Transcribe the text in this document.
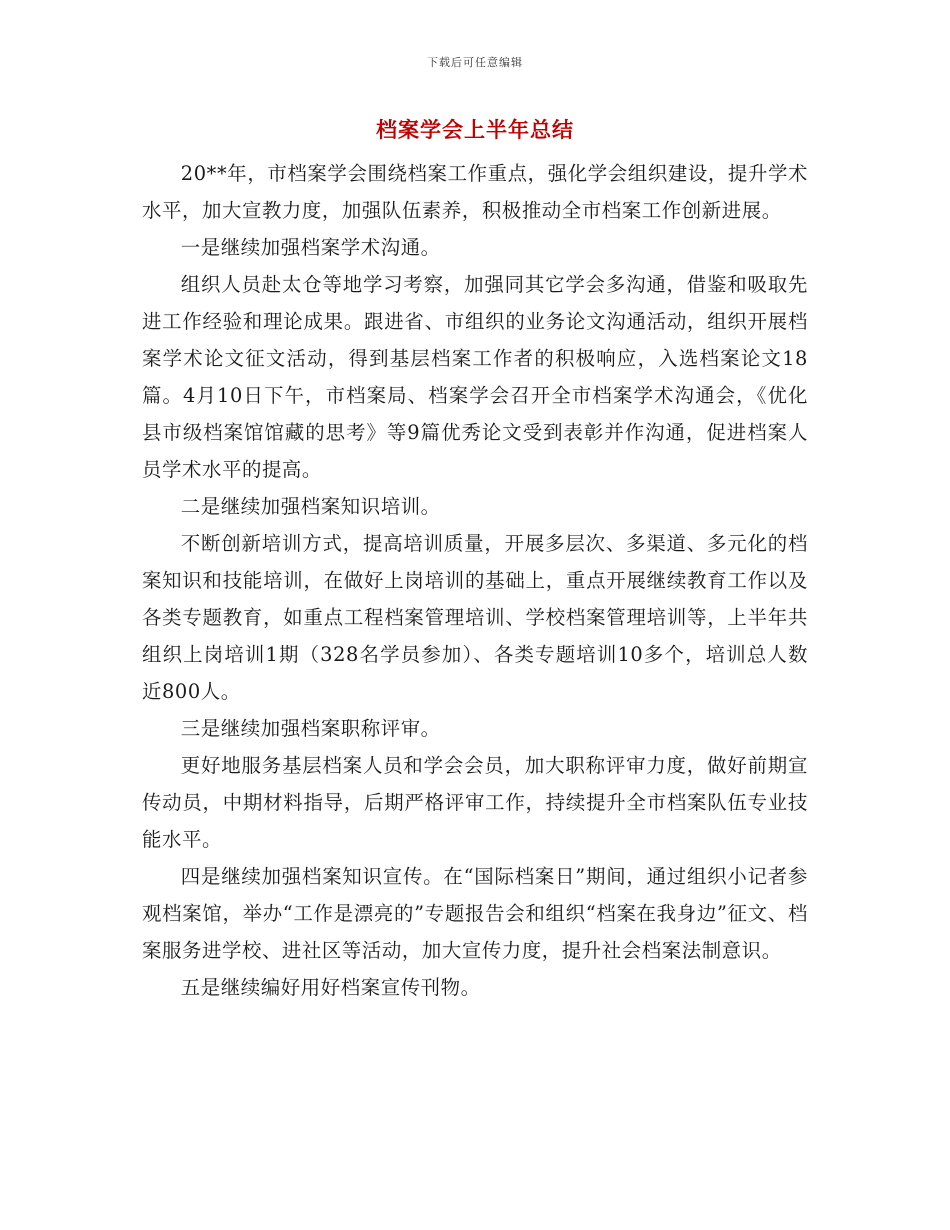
下载后可任意编辑
档案学会上半年总结

20**年，市档案学会围绕档案工作重点，强化学会组织建设，提升学术水平，加大宣教力度，加强队伍素养，积极推动全市档案工作创新进展。

一是继续加强档案学术沟通。

组织人员赴太仓等地学习考察，加强同其它学会多沟通，借鉴和吸取先进工作经验和理论成果。跟进省、市组织的业务论文沟通活动，组织开展档案学术论文征文活动，得到基层档案工作者的积极响应，入选档案论文18篇。4月10日下午，市档案局、档案学会召开全市档案学术沟通会，《优化县市级档案馆馆藏的思考》等9篇优秀论文受到表彰并作沟通，促进档案人员学术水平的提高。

二是继续加强档案知识培训。

不断创新培训方式，提高培训质量，开展多层次、多渠道、多元化的档案知识和技能培训，在做好上岗培训的基础上，重点开展继续教育工作以及各类专题教育，如重点工程档案管理培训、学校档案管理培训等，上半年共组织上岗培训1期（328名学员参加）、各类专题培训10多个，培训总人数近800人。

三是继续加强档案职称评审。

更好地服务基层档案人员和学会会员，加大职称评审力度，做好前期宣传动员，中期材料指导，后期严格评审工作，持续提升全市档案队伍专业技能水平。

四是继续加强档案知识宣传。在“国际档案日”期间，通过组织小记者参观档案馆，举办“工作是漂亮的”专题报告会和组织“档案在我身边”征文、档案服务进学校、进社区等活动，加大宣传力度，提升社会档案法制意识。

五是继续编好用好档案宣传刊物。
